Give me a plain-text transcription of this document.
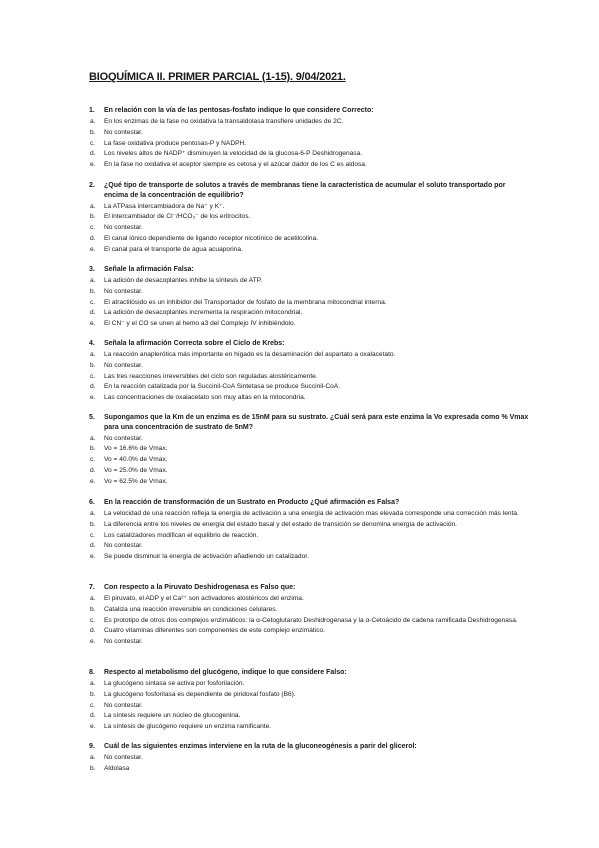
BIOQUÍMICA II. PRIMER PARCIAL (1-15). 9/04/2021.
1.	En relación con la vía de las pentosas-fosfato indique lo que considere Correcto:
a.	En los enzimas de la fase no oxidativa la transaldolasa transfiere unidades de 2C.
b.	No contestar.
c.	La fase oxidativa produce pentosas-P y NADPH.
d.	Los niveles altos de NADP⁺ disminuyen la velocidad de la glucosa-6-P Deshidrogenasa.
e.	En la fase no oxidativa el aceptor siempre es cetosa y el azúcar dador de los C es aldosa.
2.	¿Qué tipo de transporte de solutos a través de membranas tiene la característica de acumular el soluto transportado por encima de la concentración de equilibrio?
a.	La ATPasa intercambiadora de Na⁺ y K⁺.
b.	El intercambiador de Cl⁻/HCO₃⁻ de los eritrocitos.
c.	No contestar.
d.	El canal iónico dependiente de ligando receptor nicotínico de acetilcolina.
e.	El canal para el transporte de agua acuaporina.
3.	Señale la afirmación Falsa:
a.	La adición de desacoplantes inhibe la síntesis de ATP.
b.	No contestar.
c.	El atractilósido es un inhibidor del Transportador de fosfato de la membrana mitocondrial interna.
d.	La adición de desacoplantes incrementa la respiración mitocondrial.
e.	El CN⁻ y el CO se unen al hemo a3 del Complejo IV inhibiéndolo.
4.	Señala la afirmación Correcta sobre el Ciclo de Krebs:
a.	La reacción anaplerótica más importante en hígado es la desaminación del aspartato a oxalacetato.
b.	No contestar.
c.	Las tres reacciones irreversibles del ciclo son reguladas alostéricamente.
d.	En la reacción catalizada por la Succinil-CoA Sintetasa se produce Succinil-CoA.
e.	Las concentraciones de oxalacetato son muy altas en la mitocondria.
5.	Supongamos que la Km de un enzima es de 15nM para su sustrato. ¿Cuál será para este enzima la Vo expresada como % Vmax para una concentración de sustrato de 5nM?
a.	No contestar.
b.	Vo = 16.6% de Vmax.
c.	Vo = 40.0% de Vmax.
d.	Vo = 25.0% de Vmax.
e.	Vo = 62.5% de Vmax.
6.	En la reacción de transformación de un Sustrato en Producto ¿Qué afirmación es Falsa?
a.	La velocidad de una reacción refleja la energía de activación a una energía de activación mas elevada corresponde una corrección más lenta.
b.	La diferencia entre los niveles de energía del estado basal y del estado de transición se denomina energía de activación.
c.	Los catalizadores modifican el equilibrio de reacción.
d.	No contestar.
e.	Se puede disminuir la energía de activación añadiendo un catalizador.
7.	Con respecto a la Piruvato Deshidrogenasa es Falso que:
a.	El piruvato, el ADP y el Ca²⁺ son activadores alostéricos del enzima.
b.	Cataliza una reacción irreversible en condiciones celulares.
c.	Es prototipo de otros dos complejos enzimáticos: la α-Cetoglutarato Deshidrogenasa y la α-Cetoácido de cadena ramificada Deshidrogenasa.
d.	Cuatro vitaminas diferentes son componentes de este complejo enzimático.
e.	No contestar.
8.	Respecto al metabolismo del glucógeno, indique lo que considere Falso:
a.	La glucógeno sintasa se activa por fosforilación.
b.	La glucógeno fosforilasa es dependiente de piridoxal fosfato (B6).
c.	No contestar.
d.	La síntesis requiere un núcleo de glucogenina.
e.	La síntesis de glucógeno requiere un enzima ramificante.
9.	Cuál de las siguientes enzimas interviene en la ruta de la gluconeogénesis a parir del glicerol:
a.	No contestar.
b.	Aldolasa
